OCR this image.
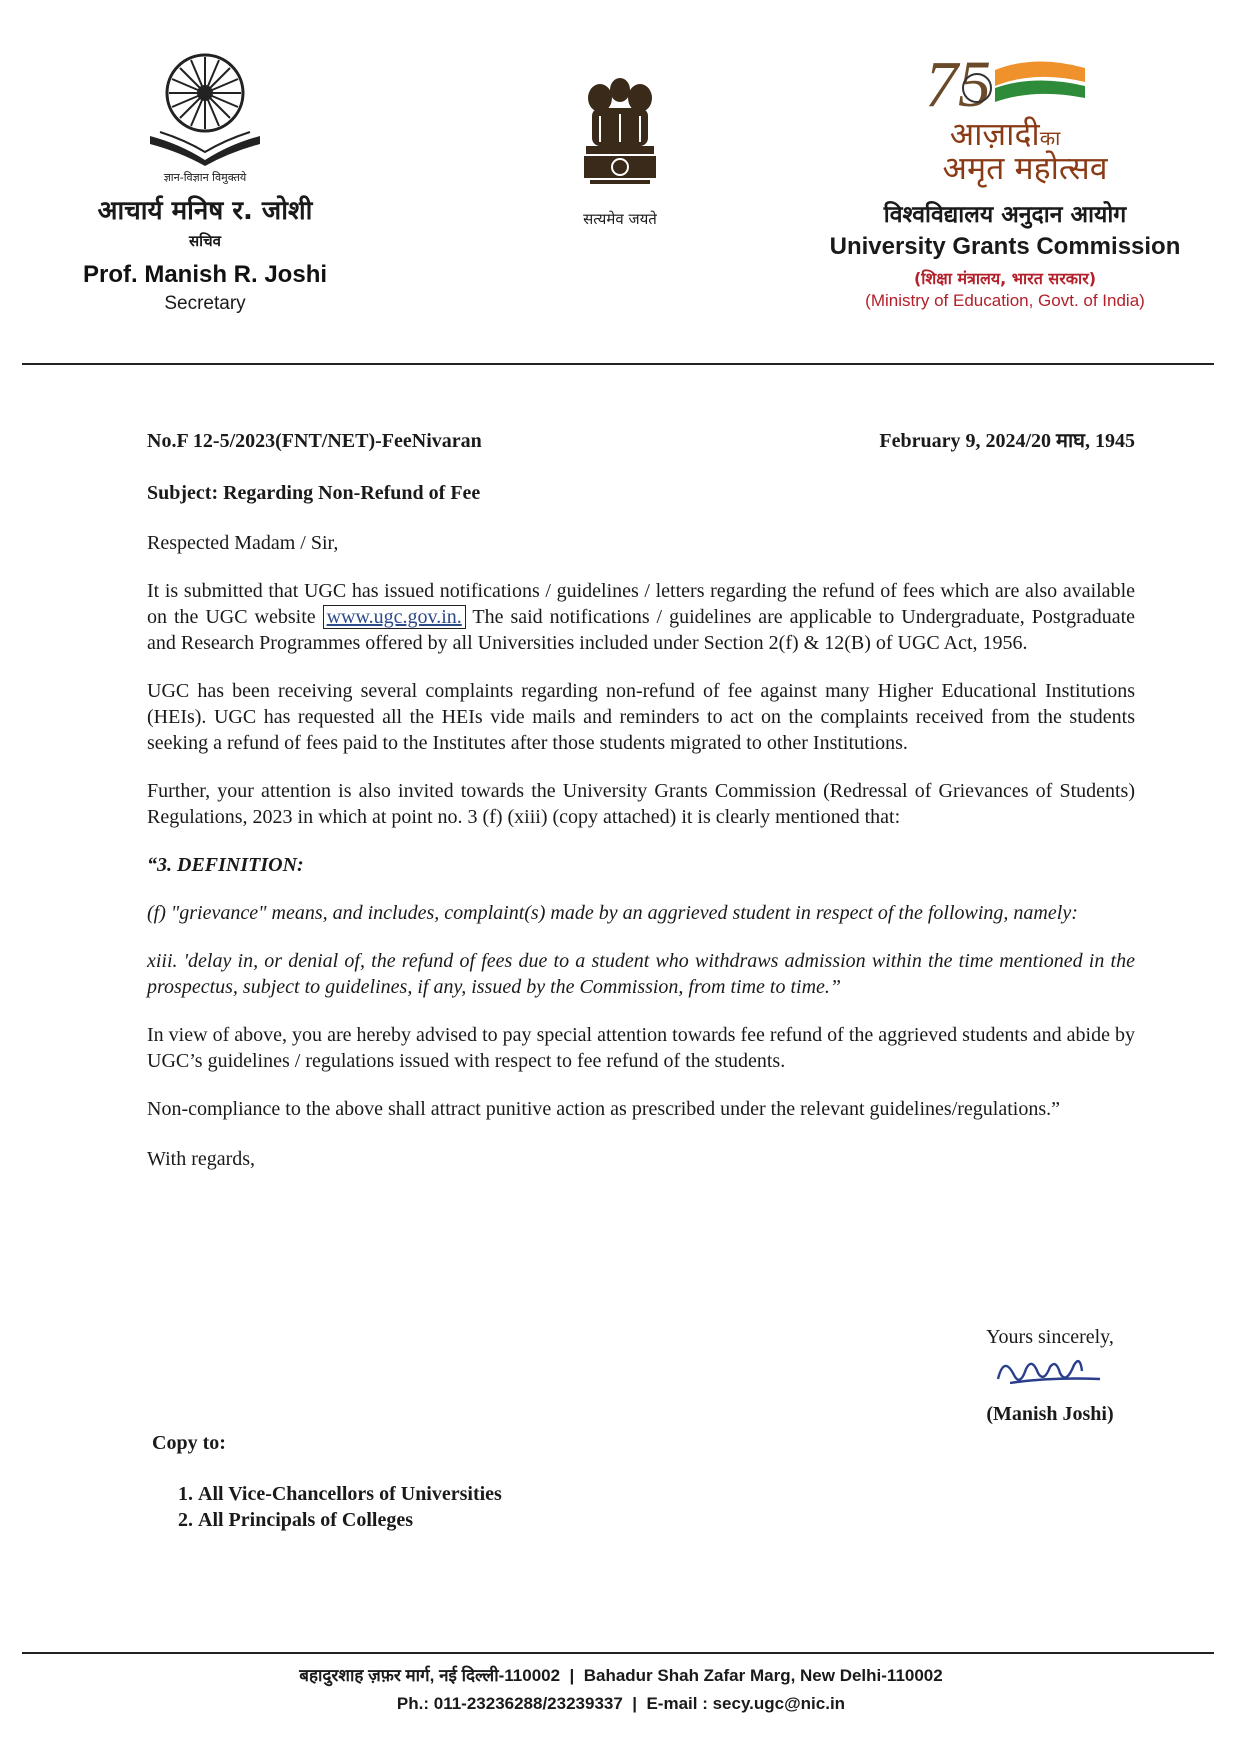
ज्ञान-विज्ञान विमुक्तये
आचार्य मनिष र. जोशी
सचिव
Prof. Manish R. Joshi
Secretary
सत्यमेव जयते
75
आज़ादीका
अमृत महोत्सव
विश्वविद्यालय अनुदान आयोग
University Grants Commission
(शिक्षा मंत्रालय, भारत सरकार)
(Ministry of Education, Govt. of India)
No.F 12-5/2023(FNT/NET)-FeeNivaran	February 9, 2024/20 माघ, 1945
Subject: Regarding Non-Refund of Fee
Respected Madam / Sir,
It is submitted that UGC has issued notifications / guidelines / letters regarding the refund of fees which are also available on the UGC website www.ugc.gov.in. The said notifications / guidelines are applicable to Undergraduate, Postgraduate and Research Programmes offered by all Universities included under Section 2(f) & 12(B) of UGC Act, 1956.
UGC has been receiving several complaints regarding non-refund of fee against many Higher Educational Institutions (HEIs). UGC has requested all the HEIs vide mails and reminders to act on the complaints received from the students seeking a refund of fees paid to the Institutes after those students migrated to other Institutions.
Further, your attention is also invited towards the University Grants Commission (Redressal of Grievances of Students) Regulations, 2023 in which at point no. 3 (f) (xiii) (copy attached) it is clearly mentioned that:
“3. DEFINITION:
(f) "grievance" means, and includes, complaint(s) made by an aggrieved student in respect of the following, namely:
xiii. 'delay in, or denial of, the refund of fees due to a student who withdraws admission within the time mentioned in the prospectus, subject to guidelines, if any, issued by the Commission, from time to time.”
In view of above, you are hereby advised to pay special attention towards fee refund of the aggrieved students and abide by UGC’s guidelines / regulations issued with respect to fee refund of the students.
Non-compliance to the above shall attract punitive action as prescribed under the relevant guidelines/regulations.”
With regards,
Yours sincerely,
(Manish Joshi)
Copy to:
1. All Vice-Chancellors of Universities
2. All Principals of Colleges
बहादुरशाह ज़फ़र मार्ग, नई दिल्ली-110002  |  Bahadur Shah Zafar Marg, New Delhi-110002
Ph.: 011-23236288/23239337  |  E-mail : secy.ugc@nic.in
